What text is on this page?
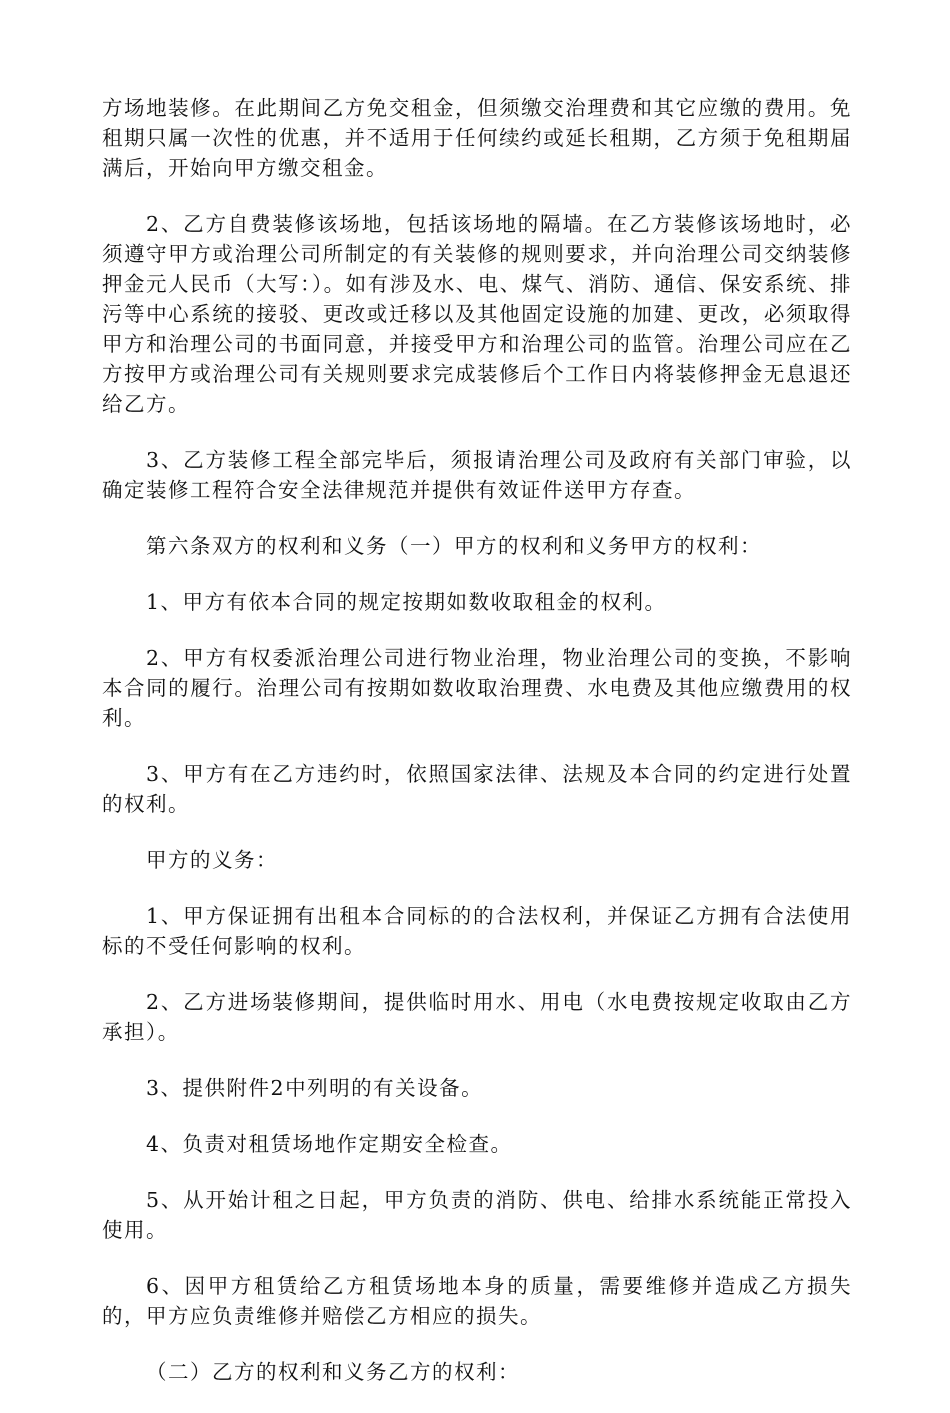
方场地装修。在此期间乙方免交租金，但须缴交治理费和其它应缴的费用。免租期只属一次性的优惠，并不适用于任何续约或延长租期，乙方须于免租期届满后，开始向甲方缴交租金。

2、乙方自费装修该场地，包括该场地的隔墙。在乙方装修该场地时，必须遵守甲方或治理公司所制定的有关装修的规则要求，并向治理公司交纳装修押金元人民币（大写：）。如有涉及水、电、煤气、消防、通信、保安系统、排污等中心系统的接驳、更改或迁移以及其他固定设施的加建、更改，必须取得甲方和治理公司的书面同意，并接受甲方和治理公司的监管。治理公司应在乙方按甲方或治理公司有关规则要求完成装修后个工作日内将装修押金无息退还给乙方。

3、乙方装修工程全部完毕后，须报请治理公司及政府有关部门审验，以确定装修工程符合安全法律规范并提供有效证件送甲方存查。

第六条双方的权利和义务（一）甲方的权利和义务甲方的权利：

1、甲方有依本合同的规定按期如数收取租金的权利。

2、甲方有权委派治理公司进行物业治理，物业治理公司的变换，不影响本合同的履行。治理公司有按期如数收取治理费、水电费及其他应缴费用的权利。

3、甲方有在乙方违约时，依照国家法律、法规及本合同的约定进行处置的权利。

甲方的义务：

1、甲方保证拥有出租本合同标的的合法权利，并保证乙方拥有合法使用标的不受任何影响的权利。

2、乙方进场装修期间，提供临时用水、用电（水电费按规定收取由乙方承担）。

3、提供附件2中列明的有关设备。

4、负责对租赁场地作定期安全检查。

5、从开始计租之日起，甲方负责的消防、供电、给排水系统能正常投入使用。

6、因甲方租赁给乙方租赁场地本身的质量，需要维修并造成乙方损失的，甲方应负责维修并赔偿乙方相应的损失。

（二）乙方的权利和义务乙方的权利：
